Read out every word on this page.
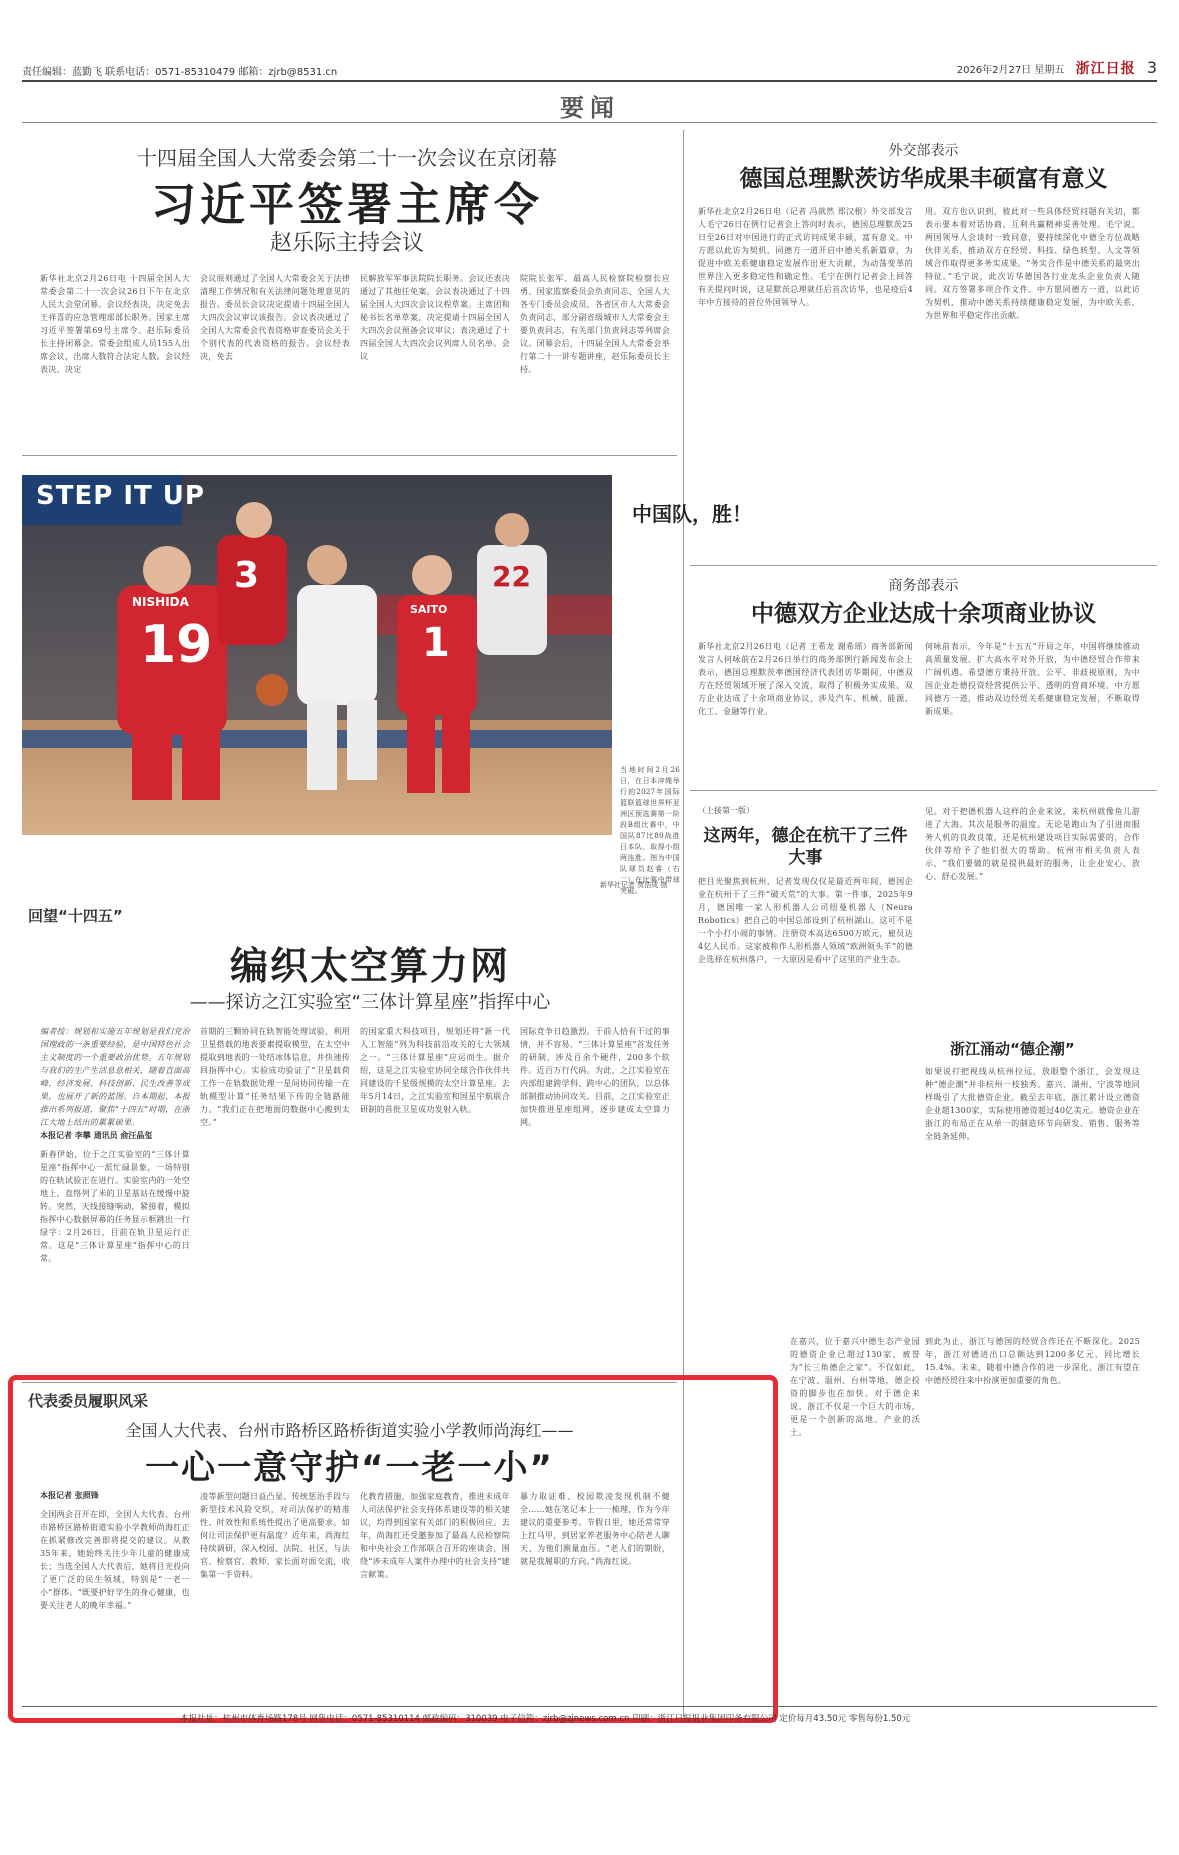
责任编辑：蓝勤飞 联系电话：0571-85310479 邮箱：zjrb@8531.cn	2026年2月27日 星期五 浙江日报 3
要闻
十四届全国人大常委会第二十一次会议在京闭幕
习近平签署主席令
赵乐际主持会议
新华社北京2月26日电 十四届全国人大常委会第二十一次会议26日下午在北京人民大会堂闭幕。会议经表决，决定免去王祥喜的应急管理部部长职务。国家主席习近平签署第69号主席令。赵乐际委员长主持闭幕会。常委会组成人员155人出席会议，出席人数符合法定人数。会议经表决，决定
会议原则通过了全国人大常委会关于法律清理工作情况和有关法律问题处理意见的报告。委员长会议决定提请十四届全国人大四次会议审议该报告。会议表决通过了全国人大常委会代表资格审查委员会关于个别代表的代表资格的报告。会议经表决，免去
民解放军军事法院院长职务。会议还表决通过了其他任免案。会议表决通过了十四届全国人大四次会议议程草案。主席团和秘书长名单草案，决定提请十四届全国人大四次会议预备会议审议；表决通过了十四届全国人大四次会议列席人员名单。会议
院院长张军、最高人民检察院检察长应勇、国家监察委员会负责同志、全国人大各专门委员会成员，各省区市人大常委会负责同志，部分副省级城市人大常委会主要负责同志，有关部门负责同志等列席会议。闭幕会后，十四届全国人大常委会举行第二十一讲专题讲座，赵乐际委员长主持。
外交部表示
德国总理默茨访华成果丰硕富有意义
新华社北京2月26日电（记者 冯歆然 郑汉根）外交部发言人毛宁26日在例行记者会上答问时表示，德国总理默茨25日至26日对中国进行的正式访问成果丰硕，富有意义。中方愿以此访为契机，同德方一道开启中德关系新篇章，为促进中欧关系健康稳定发展作出更大贡献，为动荡变革的世界注入更多稳定性和确定性。毛宁在例行记者会上回答有关提问时说，这是默茨总理就任后首次访华，也是疫后4年中方接待的首位外国领导人。
用。双方也认识到，彼此对一些具体经贸问题有关切，都表示要本着对话协商、互利共赢精神妥善处理。毛宁说，两国领导人会谈时一致同意，要持续深化中德全方位战略伙伴关系，推动双方在经贸、科技、绿色转型、人文等领域合作取得更多务实成果。“务实合作是中德关系的最突出特征。”毛宁说，此次访华德国各行业龙头企业负责人随同。双方签署多项合作文件。中方愿同德方一道，以此访为契机，推动中德关系持续健康稳定发展，为中欧关系、为世界和平稳定作出贡献。
商务部表示
中德双方企业达成十余项商业协议
新华社北京2月26日电（记者 王希龙 谢希瑶）商务部新闻发言人何咏前在2月26日举行的商务部例行新闻发布会上表示，德国总理默茨率德国经济代表团访华期间，中德双方在经贸领域开展了深入交流，取得了积极务实成果。双方企业达成了十余项商业协议，涉及汽车、机械、能源、化工、金融等行业。
何咏前表示，今年是“十五五”开局之年，中国将继续推动高质量发展、扩大高水平对外开放，为中德经贸合作带来广阔机遇。希望德方秉持开放、公平、非歧视原则，为中国企业赴德投资经营提供公平、透明的营商环境。中方愿同德方一道，推动双边经贸关系健康稳定发展，不断取得新成果。
STEP IT UP
NISHIDA
19
3
SAITO
1
22
中国队，胜！
当地时间2月26日，在日本冲绳举行的2027年国际篮联篮球世界杯亚洲区预选赛第一阶段B组比赛中，中国队87比80战胜日本队，取得小组两连胜。图为中国队球员赵睿（右二）在比赛中带球突破。
新华社记者 贾浩成 摄
回望“十四五”
编织太空算力网
——探访之江实验室“三体计算星座”指挥中心
编者按：规划和实施五年规划是我们党治国理政的一条重要经验，是中国特色社会主义制度的一个重要政治优势。五年规划与我们的生产生活息息相关，随着直面高峰，经济发展、科技创新、民生改善等成果，也展开了新的蓝图。自本期起，本报推出系列报道，聚焦“十四五”时期，在浙江大地上结出的累累硕果。
本报记者 李攀 通讯员 俞汪晶玺
新春伊始，位于之江实验室的“三体计算星座”指挥中心一派忙碌景象，一场特别的在轨试验正在进行。实验室内的一处空地上，直络列了米的卫星基站在缓慢中旋转。突然，天线接缝响动，紧接着，模拟指挥中心数据屏幕的任务显示框跳出一行绿字：2月26日，目前在轨卫星运行正常。这是“三体计算星座”指挥中心的日常。
首期的三颗协同在轨智能处理试验，利用卫星搭载的地表要素提取模型，在太空中提取到地表的一处结冰体信息，并快速传回指挥中心。实验成功验证了“卫星载荷工作一在轨数据处理一星间协同传输一在轨模型计算”任务结果下传的全链路能力。“我们正在把地面的数据中心搬到太空。”
的国家重大科技项目，规划还将“新一代人工智能”列为科技前沿攻关的七大领域之一。“三体计算星座”应运而生。据介绍，这是之江实验室协同全球合作伙伴共同建设的千星级规模的太空计算星座。去年5月14日，之江实验室和国星宇航联合研制的首批卫星成功发射入轨。
国际竞争日趋激烈。于前人拾有干过的事情，并不容易。“三体计算星座”首发任务的研制，涉及百余个硬件，200多个软件。近百万行代码。为此，之江实验室在内部组建跨学科、跨中心的团队，以总体部制推动协同攻关。目前，之江实验室正加快推进星座组网，逐步建成太空算力网。
（上接第一版）
这两年，德企在杭干了三件大事
把目光聚焦到杭州，记者发现仅仅是最近两年间，德国企业在杭州干了三件“破天荒”的大事。第一件事，2025年9月，德国唯一家人形机器人公司纽曼机器人（Neura Robotics）把自己的中国总部设到了杭州湖山。这可不是一个小打小闹的事情。注册资本高达6500万欧元，雇员达4亿人民币。这家被称作人形机器人领域“欧洲领头羊”的德企选择在杭州落户，一大原因是看中了这里的产业生态。
见。对于把德机器人这样的企业来说，来杭州就像鱼儿游进了大海。其次是服务的温度。无论是跑山为了引进而服务人机的良政良策，还是杭州建设项目实际需要的，合作伙伴等给予了他们很大的帮助。杭州市相关负责人表示，“我们要做的就是提供最好的服务，让企业安心、放心、舒心发展。”
浙江涌动“德企潮”
如果说打把视线从杭州拉远，放眼整个浙江，会发现这种“德企潮”并非杭州一枝独秀。嘉兴、湖州、宁波等地同样吸引了大批德资企业。截至去年底，浙江累计设立德资企业超1300家，实际使用德资超过40亿美元。德资企业在浙江的布局正在从单一的制造环节向研发、销售、服务等全链条延伸。
在嘉兴，位于嘉兴中德生态产业园的德资企业已超过130家，被誉为“长三角德企之家”。不仅如此，在宁波、温州、台州等地，德企投资的脚步也在加快。对于德企来说，浙江不仅是一个巨大的市场，更是一个创新的高地、产业的沃土。
到此为止，浙江与德国的经贸合作还在不断深化。2025年，浙江对德进出口总额达到1200多亿元，同比增长15.4%。未来，随着中德合作的进一步深化，浙江有望在中德经贸往来中扮演更加重要的角色。
代表委员履职风采
全国人大代表、台州市路桥区路桥街道实验小学教师尚海红——
一心一意守护“一老一小”
本报记者 张照锋
全国两会召开在即，全国人大代表、台州市路桥区路桥街道实验小学教师尚海红正在抓紧修改完善即将提交的建议。从教35年来，她始终关注少年儿童的健康成长；当选全国人大代表后，她将目光投向了更广泛的民生领域，特别是“一老一小”群体。“既要护好学生的身心健康，也要关注老人的晚年幸福。”
凌等新型问题日益凸显。传统惩治手段与新型技术风险交织，对司法保护的精准性、时效性和系统性提出了更高要求。如何让司法保护更有温度？近年来，尚海红持续调研，深入校园、法院、社区，与法官、检察官、教师、家长面对面交流，收集第一手资料。
化教育措施，加强家庭教育，推进未成年人司法保护社会支持体系建设等的相关建议，均得到国家有关部门的积极回应。去年，尚海红还受邀参加了最高人民检察院和中央社会工作部联合召开的座谈会，围绕“涉未成年人案件办理中的社会支持”建言献策。
暴力取证难、校园欺凌发现机制不健全……她在笔记本上一一梳理，作为今年建议的重要参考。节假日里，她还常常穿上红马甲，到居家养老服务中心陪老人聊天、为他们测量血压。“老人们的期盼，就是我履职的方向。”尚海红说。
本报社址：杭州市体育场路178号 网售电话：0571-85310114 邮政编码：310039 电子信箱：zjrb@zjnews.com.cn 印刷：浙江日报报业集团印务有限公司 定价每月43.50元 零售每份1.50元
